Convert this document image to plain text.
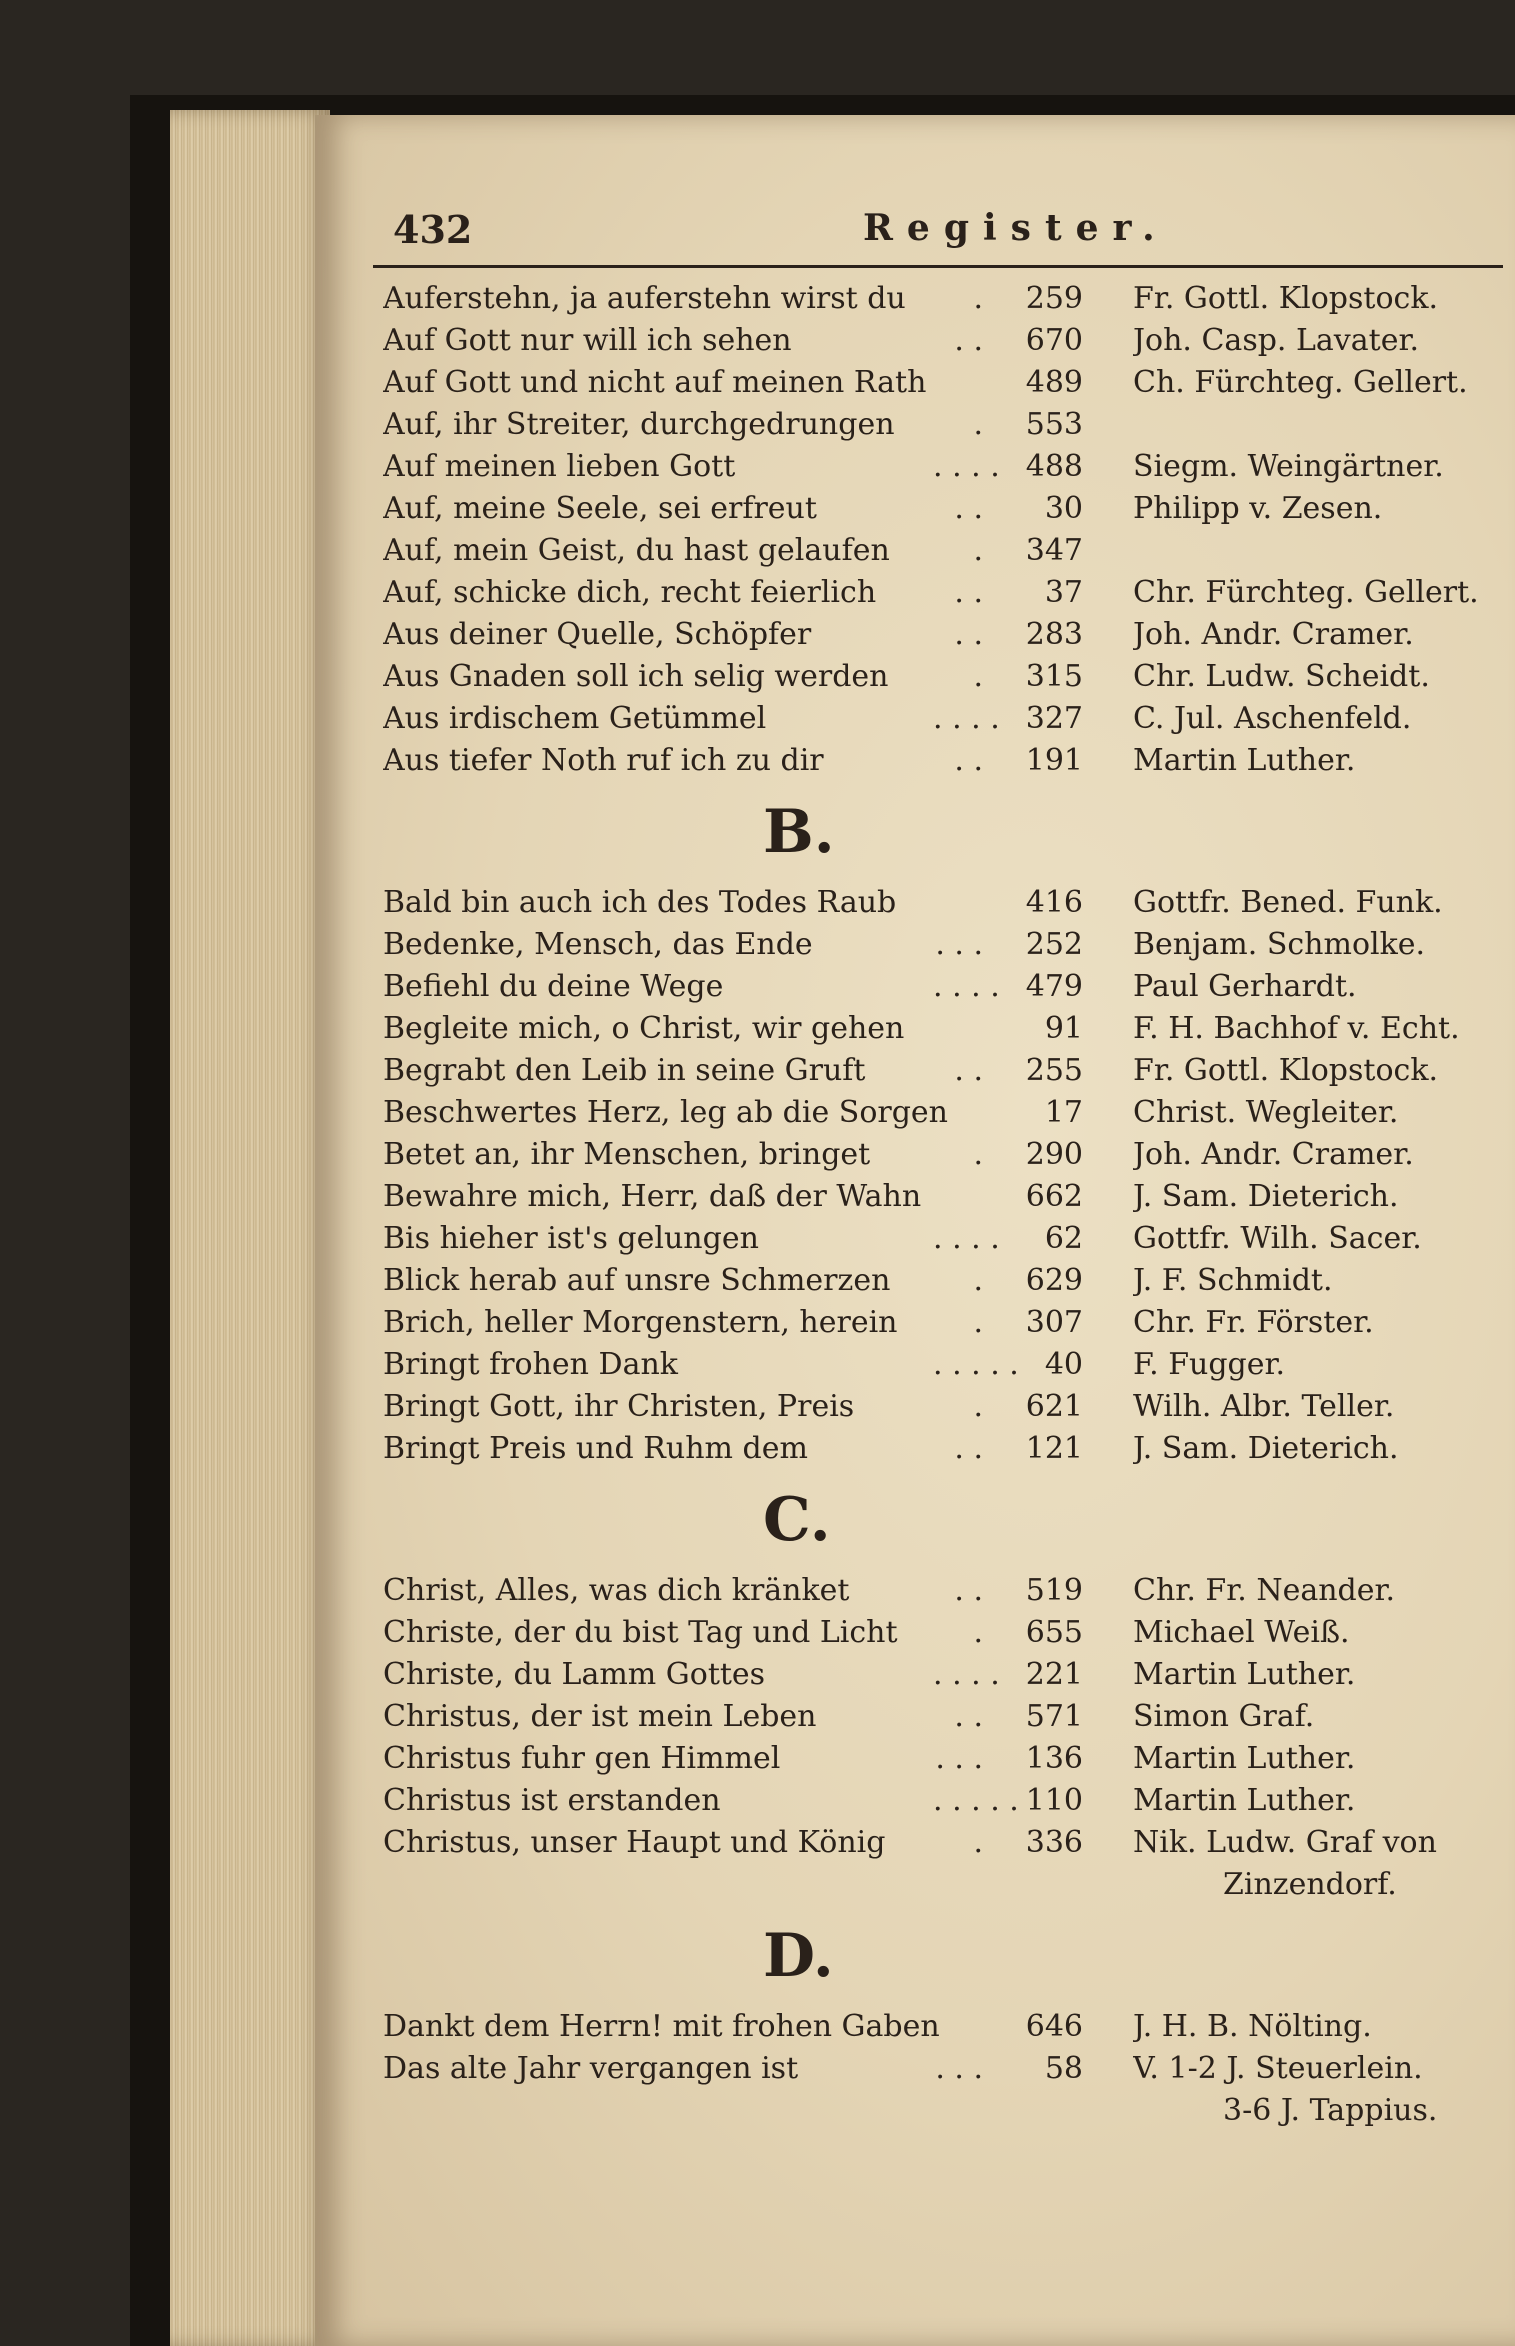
432	Register.
Auferstehn, ja auferstehn wirst du	.	259 Fr. Gottl. Klopstock.
Auf Gott nur will ich sehen	. .	670 Joh. Casp. Lavater.
Auf Gott und nicht auf meinen Rath	489 Ch. Fürchteg. Gellert.
Auf, ihr Streiter, durchgedrungen	.	553
Auf meinen lieben Gott	. . . . 488 Siegm. Weingärtner.
Auf, meine Seele, sei erfreut	. .	30 Philipp v. Zesen.
Auf, mein Geist, du hast gelaufen	.	347
Auf, schicke dich, recht feierlich	. .	37 Chr. Fürchteg. Gellert.
Aus deiner Quelle, Schöpfer	. .	283 Joh. Andr. Cramer.
Aus Gnaden soll ich selig werden	.	315 Chr. Ludw. Scheidt.
Aus irdischem Getümmel	. . . . 327 C. Jul. Aschenfeld.
Aus tiefer Noth ruf ich zu dir	. .	191 Martin Luther.
B.
Bald bin auch ich des Todes Raub	416 Gottfr. Bened. Funk.
Bedenke, Mensch, das Ende	. . .	252 Benjam. Schmolke.
Befiehl du deine Wege	. . . . 479 Paul Gerhardt.
Begleite mich, o Christ, wir gehen	91 F. H. Bachhof v. Echt.
Begrabt den Leib in seine Gruft	. .	255 Fr. Gottl. Klopstock.
Beschwertes Herz, leg ab die Sorgen	17 Christ. Wegleiter.
Betet an, ihr Menschen, bringet	.	290 Joh. Andr. Cramer.
Bewahre mich, Herr, daß der Wahn	662 J. Sam. Dieterich.
Bis hieher ist's gelungen	. . . .	62 Gottfr. Wilh. Sacer.
Blick herab auf unsre Schmerzen	.	629 J. F. Schmidt.
Brich, heller Morgenstern, herein	.	307 Chr. Fr. Förster.
Bringt frohen Dank	. . . . . 40 F. Fugger.
Bringt Gott, ihr Christen, Preis	.	621 Wilh. Albr. Teller.
Bringt Preis und Ruhm dem	. .	121 J. Sam. Dieterich.
C.
Christ, Alles, was dich kränket	. .	519 Chr. Fr. Neander.
Christe, der du bist Tag und Licht	.	655 Michael Weiß.
Christe, du Lamm Gottes	. . . . 221 Martin Luther.
Christus, der ist mein Leben	. .	571 Simon Graf.
Christus fuhr gen Himmel	. . .	136 Martin Luther.
Christus ist erstanden	. . . . . 110 Martin Luther.
Christus, unser Haupt und König	.	336 Nik. Ludw. Graf von
Zinzendorf.
D.
Dankt dem Herrn! mit frohen Gaben	646 J. H. B. Nölting.
Das alte Jahr vergangen ist	. . .	58 V. 1-2 J. Steuerlein.
3-6 J. Tappius.
